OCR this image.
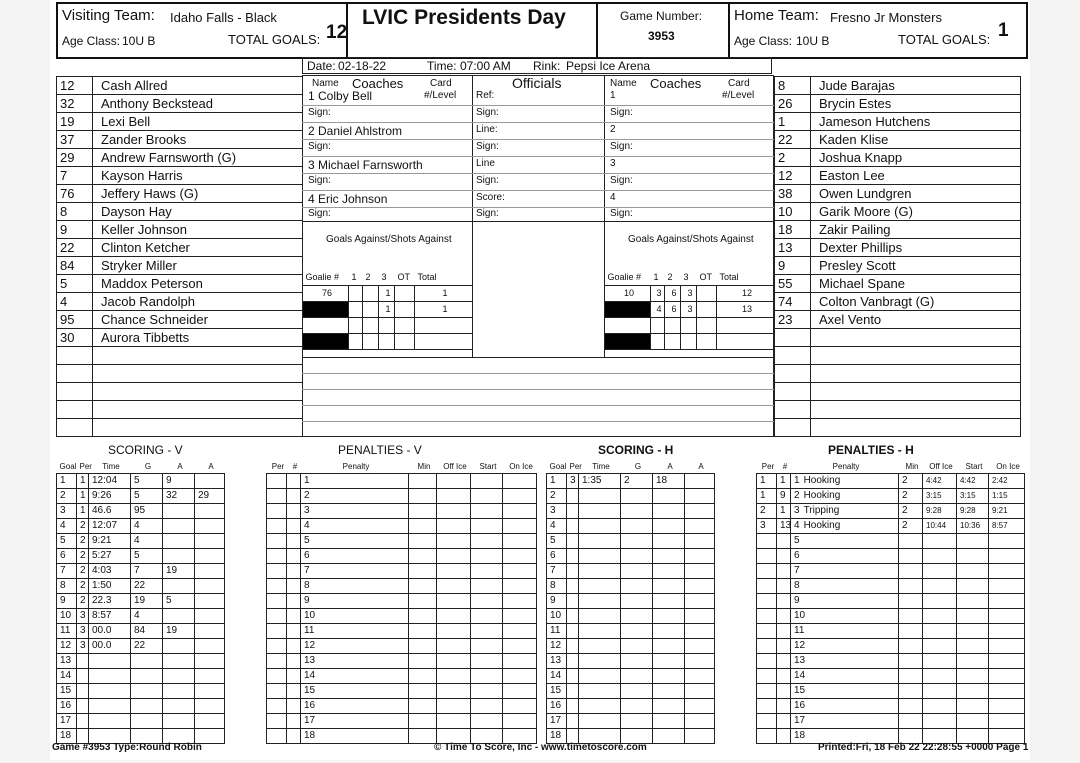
Visiting Team: Idaho Falls - Black
Age Class: 10U B	TOTAL GOALS: 12
LVIC Presidents Day	Game Number:
3953
Home Team: Fresno Jr Monsters
Age Class: 10U B	TOTAL GOALS: 1
Date: 02-18-22	Time: 07:00 AM Rink: Pepsi Ice Arena
12	Cash Allred
32	Anthony Beckstead
19	Lexi Bell
37	Zander Brooks
29	Andrew Farnsworth (G)
7	Kayson Harris
76	Jeffery Haws (G)
8	Dayson Hay
9	Keller Johnson
22	Clinton Ketcher
84	Stryker Miller
5	Maddox Peterson
4	Jacob Randolph
95	Chance Schneider
30	Aurora Tibbetts

8	Jude Barajas
26	Brycin Estes
1	Jameson Hutchens
22	Kaden Klise
2	Joshua Knapp
12	Easton Lee
38	Owen Lundgren
10	Garik Moore (G)
18	Zakir Pailing
13	Dexter Phillips
9	Presley Scott
55	Michael Spane
74	Colton Vanbragt (G)
23	Axel Vento

Name Coaches	Card
#/Level
1 Colby Bell
Sign:
2 Daniel Ahlstrom
Sign:
3 Michael Farnsworth
Sign:
4 Eric Johnson
Sign:
Officials
Ref:
Sign:
Line:
Sign:
Line
Sign:
Score:
Sign:
Name Coaches	Card
#/Level
1
Sign:
2
Sign:
3
Sign:
4
Sign:
Goals Against/Shots Against	Goals Against/Shots Against
Goalie #	1	2	3	OT	Total
76			1		1
			1		1

Goalie #	1	2	3	OT	Total
10	3	6	3		12
	4	6	3		13

SCORING - V	PENALTIES - V	SCORING - H	PENALTIES - H
Goal	Per	Time	G	A	A	
1	1	12:04	5	9		
2	1	9:26	5	32	29	
3	1	46.6	95			
4	2	12:07	4			
5	2	9:21	4			
6	2	5:27	5			
7	2	4:03	7	19		
8	2	1:50	22			
9	2	22.3	19	5		
10	3	8:57	4			
11	3	00.0	84	19		
12	3	00.0	22			
13						
14						
15						
16						
17						
18						
Per	#	Penalty	Min	Off Ice	Start	On Ice
		1				
		2				
		3				
		4				
		5				
		6				
		7				
		8				
		9				
		10				
		11				
		12				
		13				
		14				
		15				
		16				
		17				
		18				
Goal	Per	Time	G	A	A	
1	3	1:35	2	18		
2						
3						
4						
5						
6						
7						
8						
9						
10						
11						
12						
13						
14						
15						
16						
17						
18						
Per	#	Penalty	Min	Off Ice	Start	On Ice
1	1	1 Hooking	2	4:42	4:42	2:42
1	9	2 Hooking	2	3:15	3:15	1:15
2	1	3 Tripping	2	9:28	9:28	9:21
3	13	4 Hooking	2	10:44	10:36	8:57
		5				
		6				
		7				
		8				
		9				
		10				
		11				
		12				
		13				
		14				
		15				
		16				
		17				
		18				
Game #3953 Type:Round Robin	© Time To Score, Inc - www.timetoscore.com	Printed:Fri, 18 Feb 22 22:28:55 +0000 Page 1
